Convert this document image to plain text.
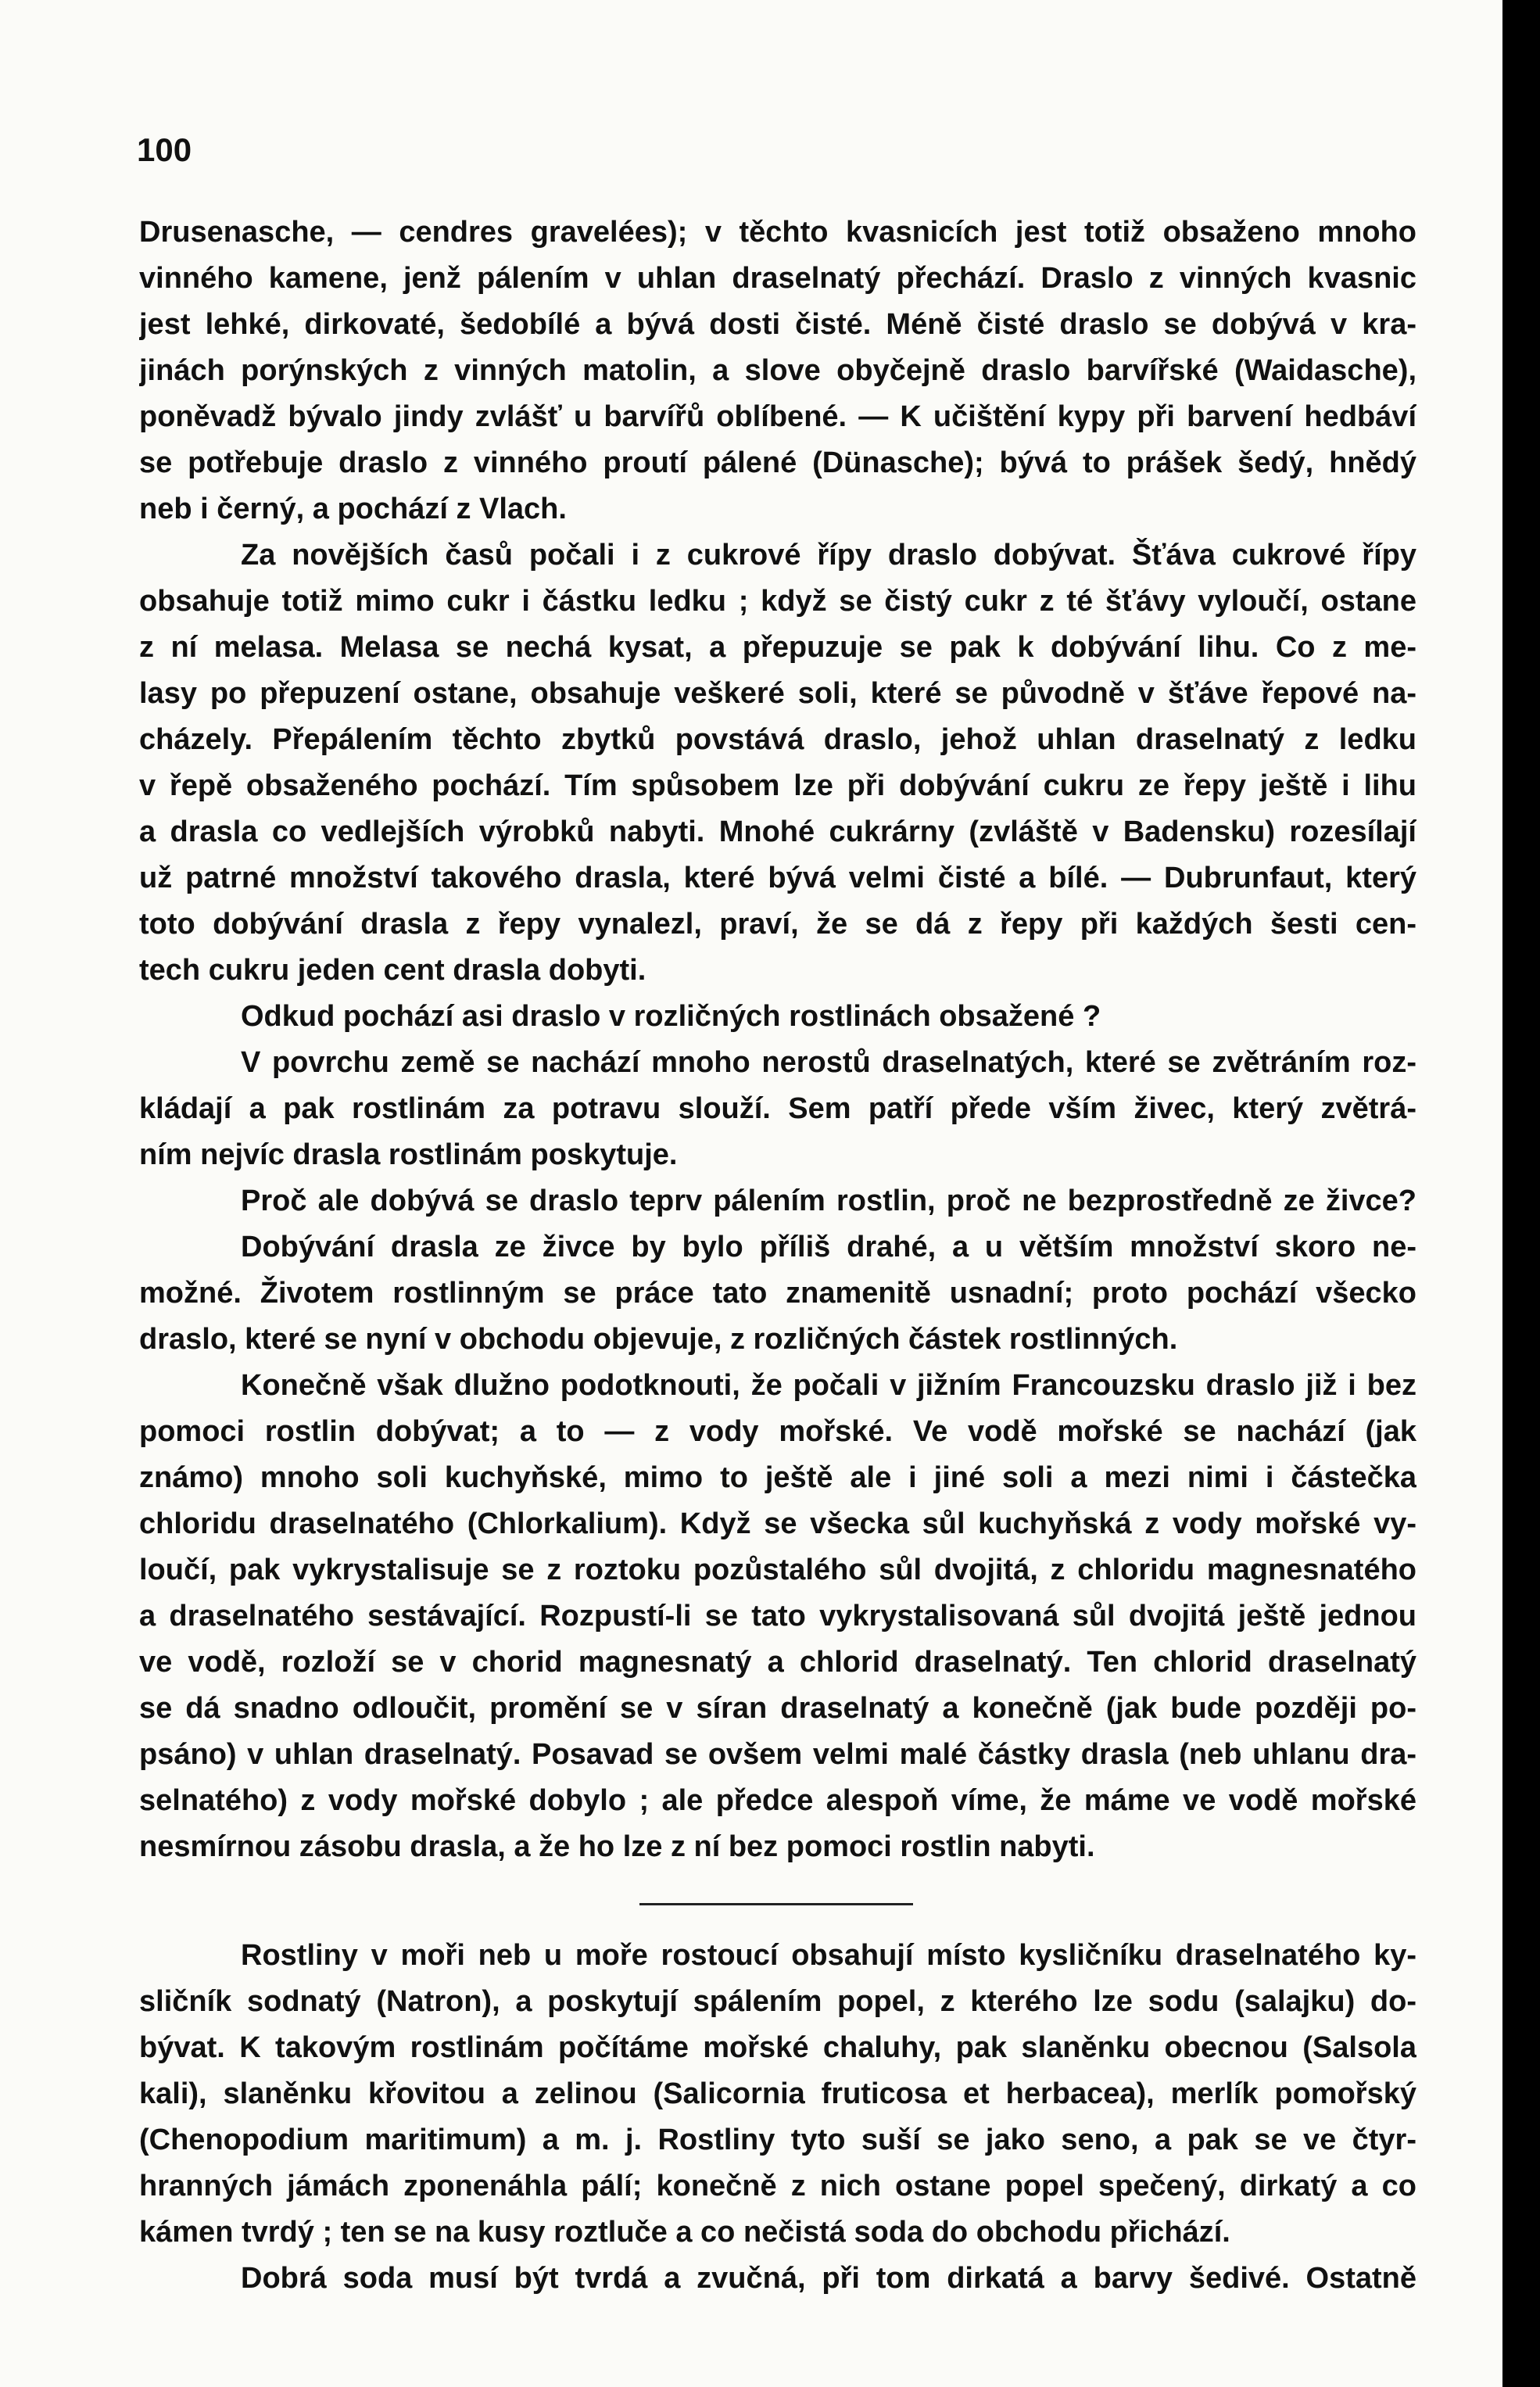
100
Drusenasche, — cendres gravelées); v těchto kvasnicích jest totiž obsaženo mnoho
vinného kamene, jenž pálením v uhlan draselnatý přechází. Draslo z vinných kvasnic
jest lehké, dirkovaté, šedobílé a bývá dosti čisté. Méně čisté draslo se dobývá v kra-
jinách porýnských z vinných matolin, a slove obyčejně draslo barvířské (Waidasche),
poněvadž bývalo jindy zvlášť u barvířů oblíbené. — K učištění kypy při barvení hedbáví
se potřebuje draslo z vinného proutí pálené (Dünasche); bývá to prášek šedý, hnědý
neb i černý, a pochází z Vlach.
Za novějších časů počali i z cukrové řípy draslo dobývat. Šťáva cukrové řípy
obsahuje totiž mimo cukr i částku ledku ; když se čistý cukr z té šťávy vyloučí, ostane
z ní melasa. Melasa se nechá kysat, a přepuzuje se pak k dobývání lihu. Co z me-
lasy po přepuzení ostane, obsahuje veškeré soli, které se původně v šťáve řepové na-
cházely. Přepálením těchto zbytků povstává draslo, jehož uhlan draselnatý z ledku
v řepě obsaženého pochází. Tím spůsobem lze při dobývání cukru ze řepy ještě i lihu
a drasla co vedlejších výrobků nabyti. Mnohé cukrárny (zvláště v Badensku) rozesílají
už patrné množství takového drasla, které bývá velmi čisté a bílé. — Dubrunfaut, který
toto dobývání drasla z řepy vynalezl, praví, že se dá z řepy při každých šesti cen-
tech cukru jeden cent drasla dobyti.
Odkud pochází asi draslo v rozličných rostlinách obsažené ?
V povrchu země se nachází mnoho nerostů draselnatých, které se zvětráním roz-
kládají a pak rostlinám za potravu slouží. Sem patří přede vším živec, který zvětrá-
ním nejvíc drasla rostlinám poskytuje.
Proč ale dobývá se draslo teprv pálením rostlin, proč ne bezprostředně ze živce?
Dobývání drasla ze živce by bylo příliš drahé, a u větším množství skoro ne-
možné. Životem rostlinným se práce tato znamenitě usnadní; proto pochází všecko
draslo, které se nyní v obchodu objevuje, z rozličných částek rostlinných.
Konečně však dlužno podotknouti, že počali v jižním Francouzsku draslo již i bez
pomoci rostlin dobývat; a to — z vody mořské. Ve vodě mořské se nachází (jak
známo) mnoho soli kuchyňské, mimo to ještě ale i jiné soli a mezi nimi i částečka
chloridu draselnatého (Chlorkalium). Když se všecka sůl kuchyňská z vody mořské vy-
loučí, pak vykrystalisuje se z roztoku pozůstalého sůl dvojitá, z chloridu magnesnatého
a draselnatého sestávající. Rozpustí-li se tato vykrystalisovaná sůl dvojitá ještě jednou
ve vodě, rozloží se v chorid magnesnatý a chlorid draselnatý. Ten chlorid draselnatý
se dá snadno odloučit, promění se v síran draselnatý a konečně (jak bude později po-
psáno) v uhlan draselnatý. Posavad se ovšem velmi malé částky drasla (neb uhlanu dra-
selnatého) z vody mořské dobylo ; ale předce alespoň víme, že máme ve vodě mořské
nesmírnou zásobu drasla, a že ho lze z ní bez pomoci rostlin nabyti.
Rostliny v moři neb u moře rostoucí obsahují místo kysličníku draselnatého ky-
sličník sodnatý (Natron), a poskytují spálením popel, z kterého lze sodu (salajku) do-
bývat. K takovým rostlinám počítáme mořské chaluhy, pak slaněnku obecnou (Salsola
kali), slaněnku křovitou a zelinou (Salicornia fruticosa et herbacea), merlík pomořský
(Chenopodium maritimum) a m. j. Rostliny tyto suší se jako seno, a pak se ve čtyr-
hranných jámách zponenáhla pálí; konečně z nich ostane popel spečený, dirkatý a co
kámen tvrdý ; ten se na kusy roztluče a co nečistá soda do obchodu přichází.
Dobrá soda musí být tvrdá a zvučná, při tom dirkatá a barvy šedivé. Ostatně
